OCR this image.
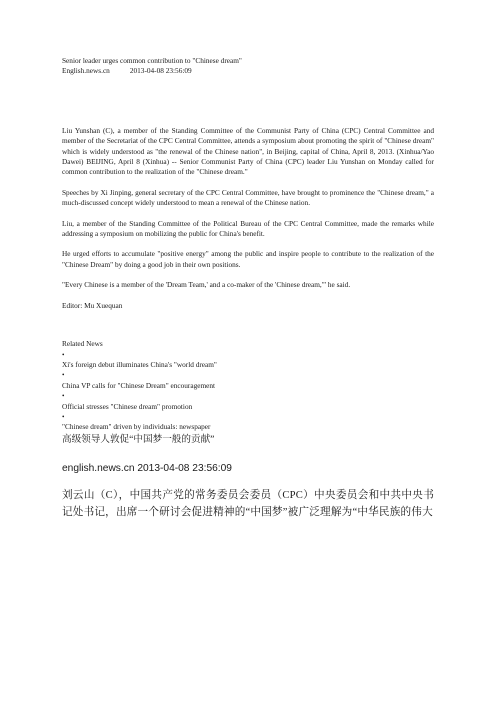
Senior leader urges common contribution to "Chinese dream"
English.news.cn	2013-04-08 23:56:09

Liu Yunshan (C), a member of the Standing Committee of the Communist Party of China (CPC) Central Committee and member of the Secretariat of the CPC Central Committee, attends a symposium about promoting the spirit of "Chinese dream" which is widely understood as "the renewal of the Chinese nation", in Beijing, capital of China, April 8, 2013. (Xinhua/Yao Dawei) BEIJING, April 8 (Xinhua) -- Senior Communist Party of China (CPC) leader Liu Yunshan on Monday called for common contribution to the realization of the "Chinese dream."

Speeches by Xi Jinping, general secretary of the CPC Central Committee, have brought to prominence the "Chinese dream," a much-discussed concept widely understood to mean a renewal of the Chinese nation.

Liu, a member of the Standing Committee of the Political Bureau of the CPC Central Committee, made the remarks while addressing a symposium on mobilizing the public for China's benefit.

He urged efforts to accumulate "positive energy" among the public and inspire people to contribute to the realization of the "Chinese Dream" by doing a good job in their own positions.

"Every Chinese is a member of the 'Dream Team,' and a co-maker of the 'Chinese dream,'" he said.

Editor: Mu Xuequan
Related News
•
Xi's foreign debut illuminates China's "world dream"
•
China VP calls for "Chinese Dream" encouragement
•
Official stresses "Chinese dream" promotion
•
"Chinese dream" driven by individuals: newspaper
高级领导人敦促“中国梦一般的贡献”
english.news.cn 2013-04-08 23:56:09

刘云山（C），中国共产党的常务委员会委员（CPC）中央委员会和中共中央书记处书记，出席一个研讨会促进精神的“中国梦”被广泛理解为“中华民族的伟大
